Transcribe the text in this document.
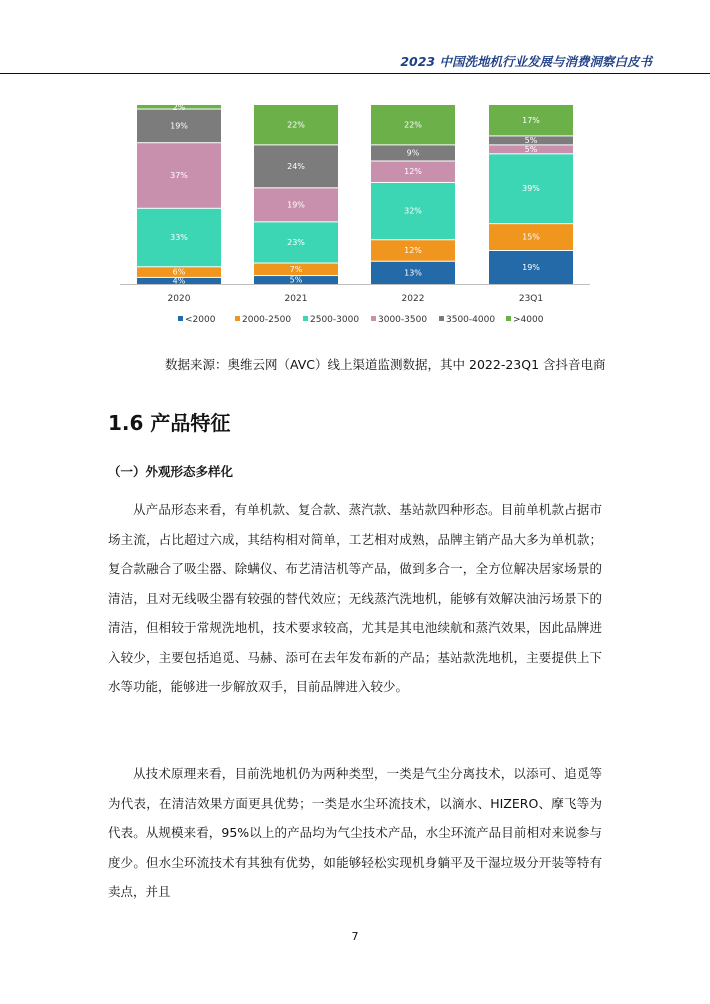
2023 中国洗地机行业发展与消费洞察白皮书
4%
6%
33%
37%
19%
2%
2020
5%
7%
23%
19%
24%
22%
2021
13%
12%
32%
12%
9%
22%
2022
19%
15%
39%
5%
5%
17%
23Q1
<2000	2000-2500 2500-3000 3000-3500 3500-4000 >4000
数据来源：奥维云网（AVC）线上渠道监测数据，其中 2022-23Q1 含抖音电商
1.6 产品特征
（一）外观形态多样化

从产品形态来看，有单机款、复合款、蒸汽款、基站款四种形态。目前单机款占据市场主流，占比超过六成，其结构相对简单，工艺相对成熟，品牌主销产品大多为单机款；复合款融合了吸尘器、除螨仪、布艺清洁机等产品，做到多合一，全方位解决居家场景的清洁，且对无线吸尘器有较强的替代效应；无线蒸汽洗地机，能够有效解决油污场景下的清洁，但相较于常规洗地机，技术要求较高，尤其是其电池续航和蒸汽效果，因此品牌进入较少，主要包括追觅、马赫、添可在去年发布新的产品；基站款洗地机，主要提供上下水等功能，能够进一步解放双手，目前品牌进入较少。

从技术原理来看，目前洗地机仍为两种类型，一类是气尘分离技术，以添可、追觅等为代表，在清洁效果方面更具优势；一类是水尘环流技术，以滴水、HIZERO、摩飞等为代表。从规模来看，95%以上的产品均为气尘技术产品，水尘环流产品目前相对来说参与度少。但水尘环流技术有其独有优势，如能够轻松实现机身躺平及干湿垃圾分开装等特有卖点，并且

7
